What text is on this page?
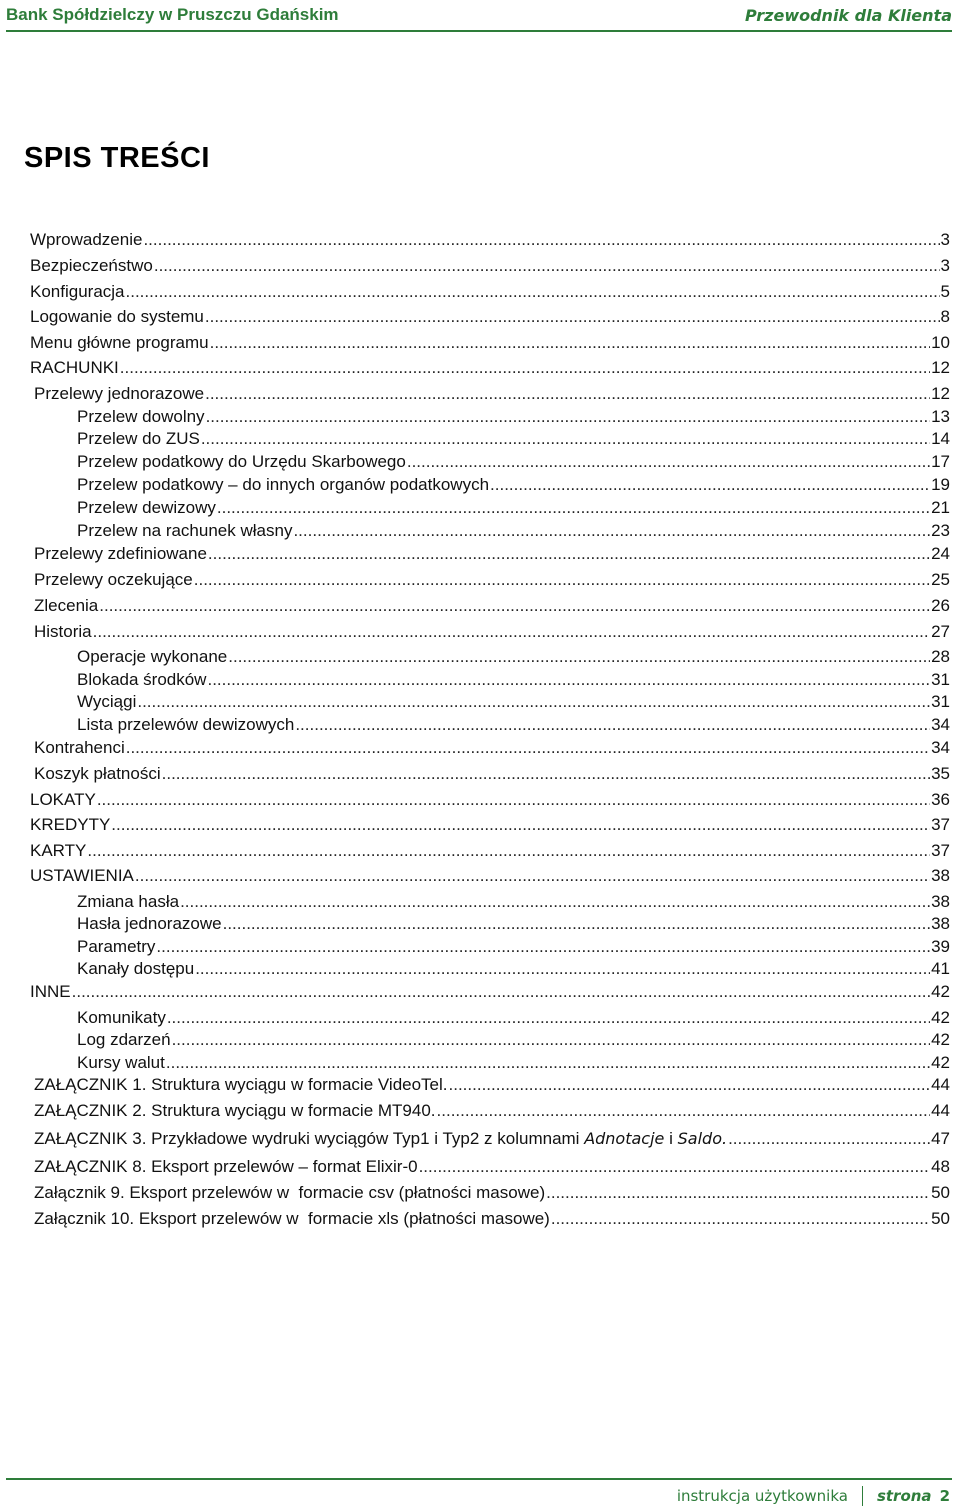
Bank Spółdzielczy w Pruszczu Gdańskim	Przewodnik dla Klienta
SPIS TREŚCI
Wprowadzenie .....	3
Bezpieczeństwo .....	3
Konfiguracja .....	5
Logowanie do systemu .....	8
Menu główne programu .....	10
RACHUNKI .....	12
Przelewy jednorazowe .....	12
Przelew dowolny .....	13
Przelew do ZUS .....	14
Przelew podatkowy do Urzędu Skarbowego .....	17
Przelew podatkowy – do innych organów podatkowych .....	19
Przelew dewizowy .....	21
Przelew na rachunek własny .....	23
Przelewy zdefiniowane .....	24
Przelewy oczekujące .....	25
Zlecenia .....	26
Historia .....	27
Operacje wykonane .....	28
Blokada środków .....	31
Wyciągi .....	31
Lista przelewów dewizowych .....	34
Kontrahenci .....	34
Koszyk płatności .....	35
LOKATY .....	36
KREDYTY .....	37
KARTY .....	37
USTAWIENIA .....	38
Zmiana hasła .....	38
Hasła jednorazowe .....	38
Parametry .....	39
Kanały dostępu .....	41
INNE .....	42
Komunikaty .....	42
Log zdarzeń .....	42
Kursy walut .....	42
ZAŁĄCZNIK 1. Struktura wyciągu w formacie VideoTel. .....	44
ZAŁĄCZNIK 2. Struktura wyciągu w formacie MT940. .....	44
ZAŁĄCZNIK 3. Przykładowe wydruki wyciągów Typ1 i Typ2 z kolumnami Adnotacje i Saldo. .....	47
ZAŁĄCZNIK 8. Eksport przelewów – format Elixir-0 .....	48
Załącznik 9. Eksport przelewów w  formacie csv (płatności masowe) .....	50
Załącznik 10. Eksport przelewów w  formacie xls (płatności masowe) .....	50
instrukcja użytkownika strona 2
